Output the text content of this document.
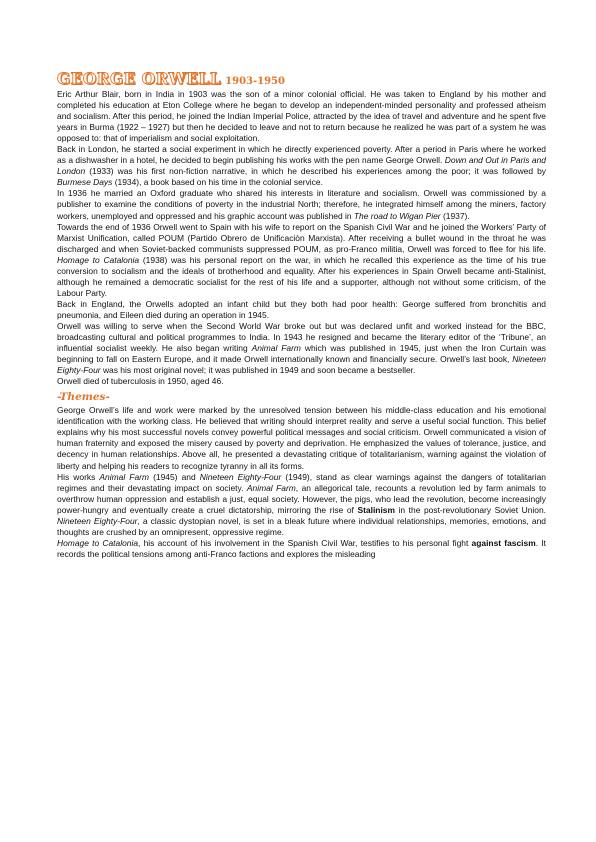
GEORGE ORWELL 1903-1950

Eric Arthur Blair, born in India in 1903 was the son of a minor colonial official. He was taken to England by his mother and completed his education at Eton College where he began to develop an independent-minded personality and professed atheism and socialism. After this period, he joined the Indian Imperial Police, attracted by the idea of travel and adventure and he spent five years in Burma (1922 – 1927) but then he decided to leave and not to return because he realized he was part of a system he was opposed to: that of imperialism and social exploitation.

Back in London, he started a social experiment in which he directly experienced poverty. After a period in Paris where he worked as a dishwasher in a hotel, he decided to begin publishing his works with the pen name George Orwell. Down and Out in Paris and London (1933) was his first non-fiction narrative, in which he described his experiences among the poor; it was followed by Burmese Days (1934), a book based on his time in the colonial service.

In 1936 he married an Oxford graduate who shared his interests in literature and socialism. Orwell was commissioned by a publisher to examine the conditions of poverty in the industrial North; therefore, he integrated himself among the miners, factory workers, unemployed and oppressed and his graphic account was published in The road to Wigan Pier (1937).

Towards the end of 1936 Orwell went to Spain with his wife to report on the Spanish Civil War and he joined the Workers’ Party of Marxist Unification, called POUM (Partido Obrero de Unificaciòn Marxista). After receiving a bullet wound in the throat he was discharged and when Soviet-backed communists suppressed POUM, as pro-Franco militia, Orwell was forced to flee for his life. Homage to Catalonia (1938) was his personal report on the war, in which he recalled this experience as the time of his true conversion to socialism and the ideals of brotherhood and equality. After his experiences in Spain Orwell became anti-Stalinist, although he remained a democratic socialist for the rest of his life and a supporter, although not without some criticism, of the Labour Party.

Back in England, the Orwells adopted an infant child but they both had poor health: George suffered from bronchitis and pneumonia, and Eileen died during an operation in 1945.

Orwell was willing to serve when the Second World War broke out but was declared unfit and worked instead for the BBC, broadcasting cultural and political programmes to India. In 1943 he resigned and became the literary editor of the ‘Tribune’, an influential socialist weekly. He also began writing Animal Farm which was published in 1945, just when the Iron Curtain was beginning to fall on Eastern Europe, and it made Orwell internationally known and financially secure. Orwell’s last book, Nineteen Eighty-Four was his most original novel; it was published in 1949 and soon became a bestseller.

Orwell died of tuberculosis in 1950, aged 46.

-Themes-

George Orwell’s life and work were marked by the unresolved tension between his middle-class education and his emotional identification with the working class. He believed that writing should interpret reality and serve a useful social function. This belief explains why his most successful novels convey powerful political messages and social criticism. Orwell communicated a vision of human fraternity and exposed the misery caused by poverty and deprivation. He emphasized the values of tolerance, justice, and decency in human relationships. Above all, he presented a devastating critique of totalitarianism, warning against the violation of liberty and helping his readers to recognize tyranny in all its forms.

His works Animal Farm (1945) and Nineteen Eighty-Four (1949), stand as clear warnings against the dangers of totalitarian regimes and their devastating impact on society. Animal Farm, an allegorical tale, recounts a revolution led by farm animals to overthrow human oppression and establish a just, equal society. However, the pigs, who lead the revolution, become increasingly power-hungry and eventually create a cruel dictatorship, mirroring the rise of Stalinism in the post-revolutionary Soviet Union. Nineteen Eighty-Four, a classic dystopian novel, is set in a bleak future where individual relationships, memories, emotions, and thoughts are crushed by an omnipresent, oppressive regime.

Homage to Catalonia, his account of his involvement in the Spanish Civil War, testifies to his personal fight against fascism. It records the political tensions among anti-Franco factions and explores the misleading
